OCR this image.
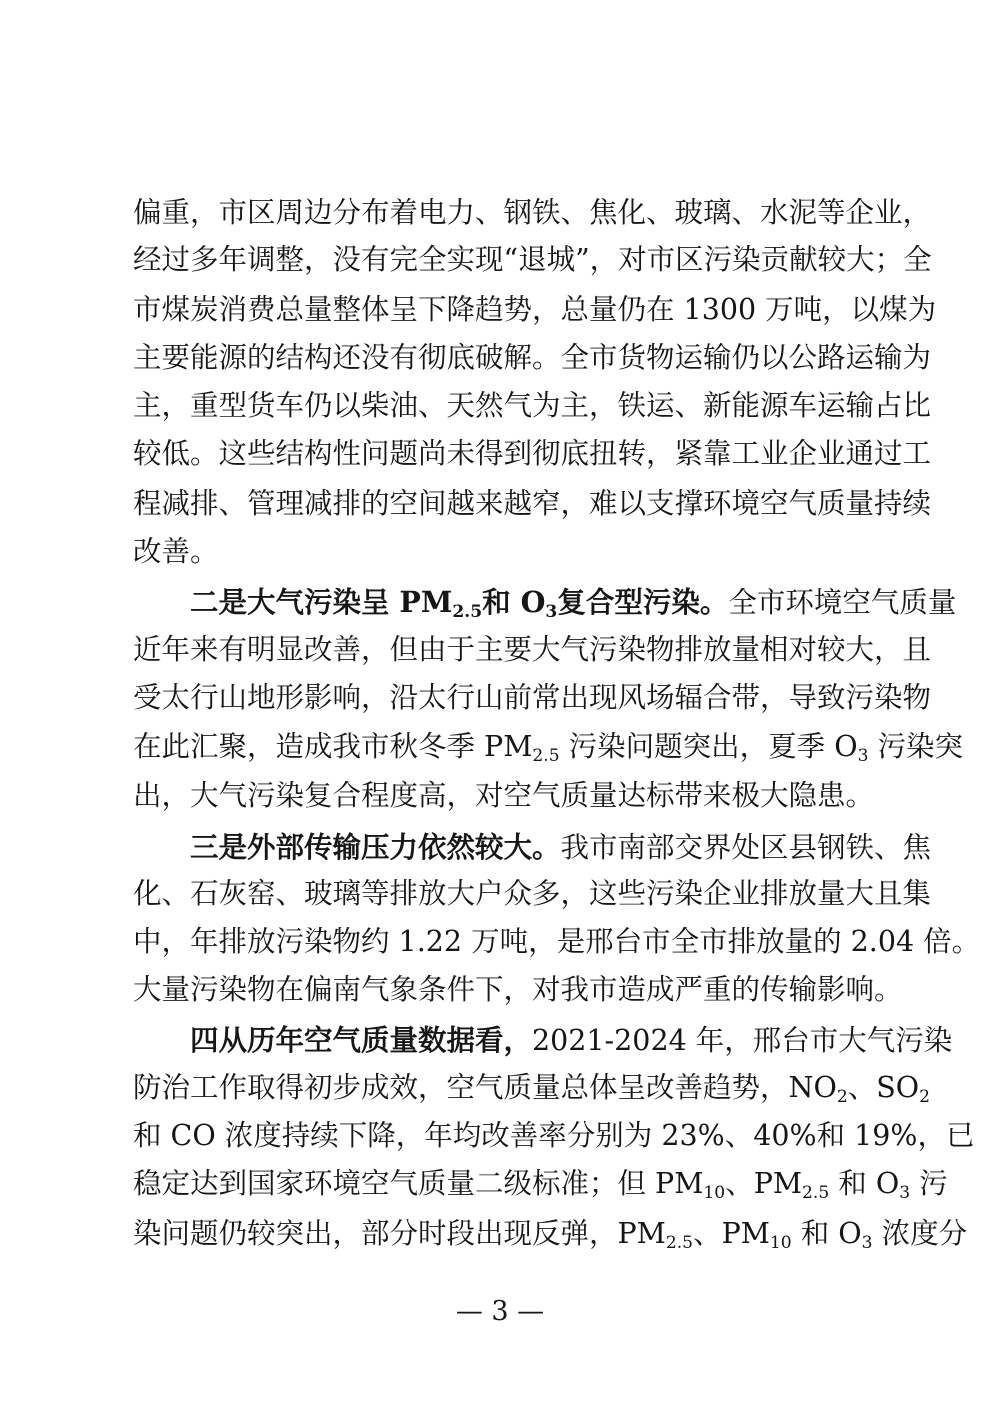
偏重，市区周边分布着电力、钢铁、焦化、玻璃、水泥等企业，
经过多年调整，没有完全实现“退城”，对市区污染贡献较大；全
市煤炭消费总量整体呈下降趋势，总量仍在 1300 万吨，以煤为
主要能源的结构还没有彻底破解。全市货物运输仍以公路运输为
主，重型货车仍以柴油、天然气为主，铁运、新能源车运输占比
较低。这些结构性问题尚未得到彻底扭转，紧靠工业企业通过工
程减排、管理减排的空间越来越窄，难以支撑环境空气质量持续
改善。
二是大气污染呈 $PM_{2.5}$和 $O_3$复合型污染。全市环境空气质量
近年来有明显改善，但由于主要大气污染物排放量相对较大，且
受太行山地形影响，沿太行山前常出现风场辐合带，导致污染物
在此汇聚，造成我市秋冬季 $PM_{2.5}$ 污染问题突出，夏季 $O_3$ 污染突
出，大气污染复合程度高，对空气质量达标带来极大隐患。
三是外部传输压力依然较大。我市南部交界处区县钢铁、焦
化、石灰窑、玻璃等排放大户众多，这些污染企业排放量大且集
中，年排放污染物约 1.22 万吨，是邢台市全市排放量的 2.04 倍。
大量污染物在偏南气象条件下，对我市造成严重的传输影响。
四从历年空气质量数据看，2021-2024 年，邢台市大气污染
防治工作取得初步成效，空气质量总体呈改善趋势，$NO_2$、$SO_2$
和 CO 浓度持续下降，年均改善率分别为 23%、40%和 19%，已
稳定达到国家环境空气质量二级标准；但 $PM_{10}$、$PM_{2.5}$ 和 $O_3$ 污
染问题仍较突出，部分时段出现反弹，$PM_{2.5}$、$PM_{10}$ 和 $O_3$ 浓度分
— 3 —
